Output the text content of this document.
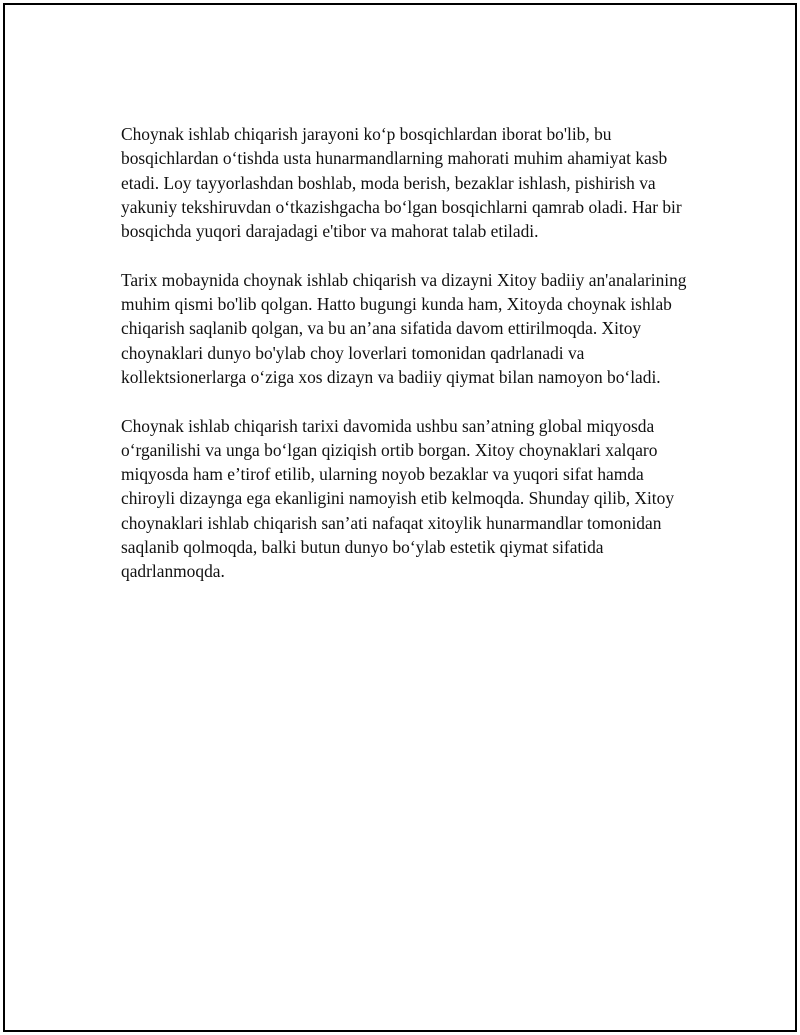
Choynak ishlab chiqarish jarayoni ko‘p bosqichlardan iborat bo'lib, bu bosqichlardan o‘tishda usta hunarmandlarning mahorati muhim ahamiyat kasb etadi. Loy tayyorlashdan boshlab, moda berish, bezaklar ishlash, pishirish va yakuniy tekshiruvdan o‘tkazishgacha bo‘lgan bosqichlarni qamrab oladi. Har bir bosqichda yuqori darajadagi e'tibor va mahorat talab etiladi.

Tarix mobaynida choynak ishlab chiqarish va dizayni Xitoy badiiy an'analarining muhim qismi bo'lib qolgan. Hatto bugungi kunda ham, Xitoyda choynak ishlab chiqarish saqlanib qolgan, va bu an’ana sifatida davom ettirilmoqda. Xitoy choynaklari dunyo bo'ylab choy loverlari tomonidan qadrlanadi va kollektsionerlarga o‘ziga xos dizayn va badiiy qiymat bilan namoyon bo‘ladi.

Choynak ishlab chiqarish tarixi davomida ushbu san’atning global miqyosda o‘rganilishi va unga bo‘lgan qiziqish ortib borgan. Xitoy choynaklari xalqaro miqyosda ham e’tirof etilib, ularning noyob bezaklar va yuqori sifat hamda chiroyli dizaynga ega ekanligini namoyish etib kelmoqda. Shunday qilib, Xitoy choynaklari ishlab chiqarish san’ati nafaqat xitoylik hunarmandlar tomonidan saqlanib qolmoqda, balki butun dunyo bo‘ylab estetik qiymat sifatida qadrlanmoqda.
